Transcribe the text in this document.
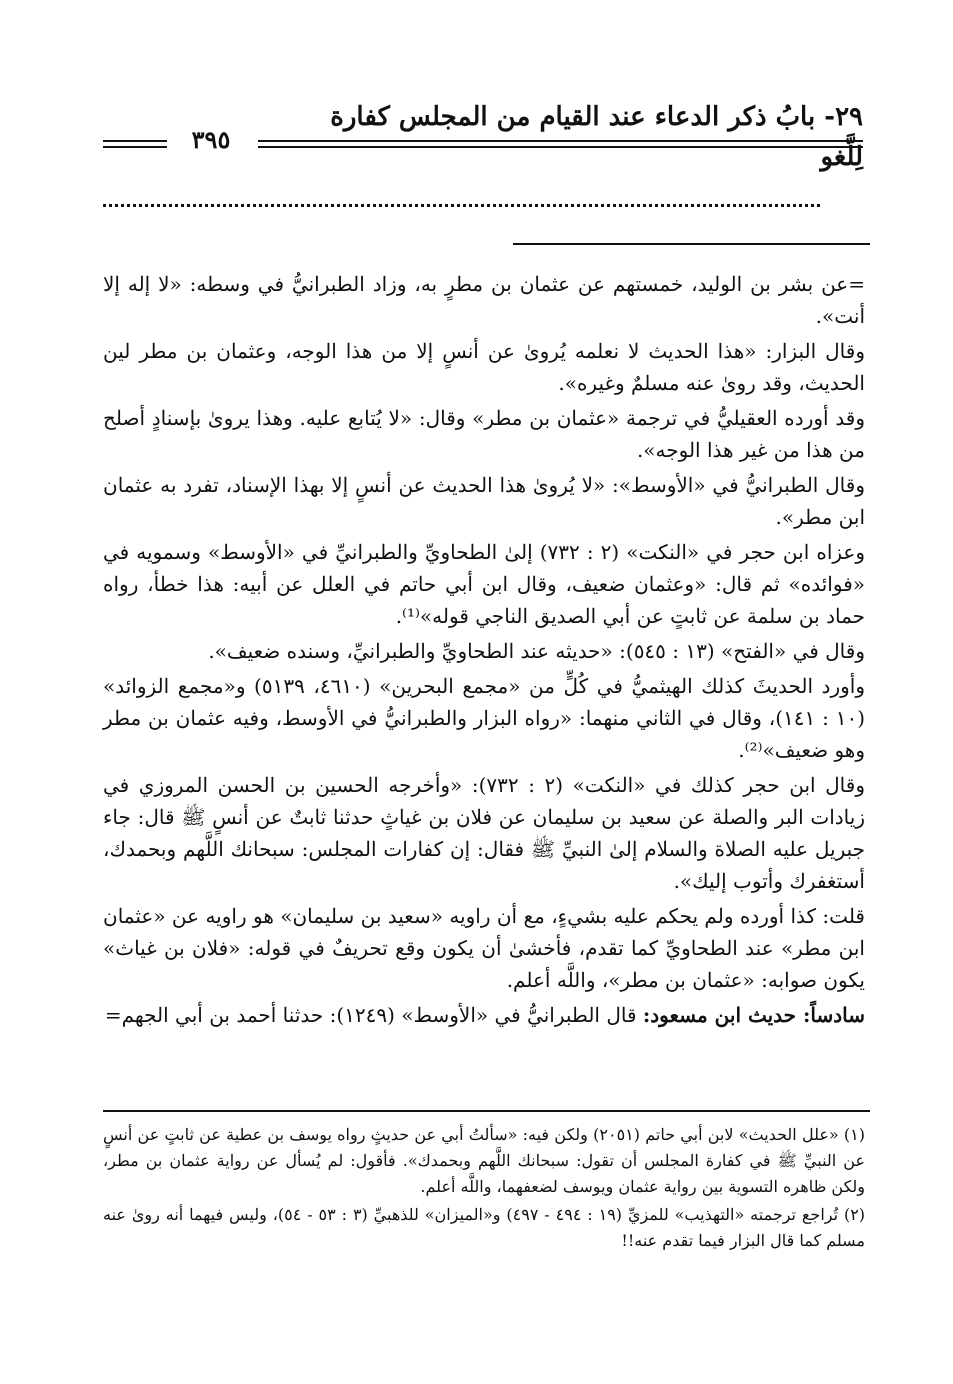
٢٩- بابُ ذكر الدعاء عند القيام من المجلس كفارة لِلَّغو
٣٩٥

=عن بشر بن الوليد، خمستهم عن عثمان بن مطرٍ به، وزاد الطبرانيُّ في وسطه: «لا إله إلا أنت».

وقال البزار: «هذا الحديث لا نعلمه يُروىٰ عن أنسٍ إلا من هذا الوجه، وعثمان بن مطر لين الحديث، وقد روىٰ عنه مسلمٌ وغيره».

وقد أورده العقيليُّ في ترجمة «عثمان بن مطر» وقال: «لا يُتابع عليه. وهذا يروىٰ بإسنادٍ أصلح من هذا من غير هذا الوجه».

وقال الطبرانيُّ في «الأوسط»: «لا يُروىٰ هذا الحديث عن أنسٍ إلا بهذا الإسناد، تفرد به عثمان ابن مطر».

وعزاه ابن حجر في «النكت» (٢ : ٧٣٢) إلىٰ الطحاويِّ والطبرانيِّ في «الأوسط» وسمويه في «فوائده» ثم قال: «وعثمان ضعيف، وقال ابن أبي حاتم في العلل عن أبيه: هذا خطأ، رواه حماد بن سلمة عن ثابتٍ عن أبي الصديق الناجي قوله»⁽¹⁾.

وقال في «الفتح» (١٣ : ٥٤٥): «حديثه عند الطحاويِّ والطبرانيِّ، وسنده ضعيف».

وأورد الحديثَ كذلك الهيثميُّ في كُلٍّ من «مجمع البحرين» (٤٦١٠، ٥١٣٩) و«مجمع الزوائد» (١٠ : ١٤١)، وقال في الثاني منهما: «رواه البزار والطبرانيُّ في الأوسط، وفيه عثمان بن مطر وهو ضعيف»⁽²⁾.

وقال ابن حجر كذلك في «النكت» (٢ : ٧٣٢): «وأخرجه الحسين بن الحسن المروزي في زيادات البر والصلة عن سعيد بن سليمان عن فلان بن غياثٍ حدثنا ثابتٌ عن أنسٍ ﷺ قال: جاء جبريل عليه الصلاة والسلام إلىٰ النبيِّ ﷺ فقال: إن كفارات المجلس: سبحانك اللَّهم وبحمدك، أستغفرك وأتوب إليك».

قلت: كذا أورده ولم يحكم عليه بشيءٍ، مع أن راويه «سعيد بن سليمان» هو راويه عن «عثمان ابن مطر» عند الطحاويِّ كما تقدم، فأخشىٰ أن يكون وقع تحريفٌ في قوله: «فلان بن غياث» يكون صوابه: «عثمان بن مطر»، واللَّه أعلم.

سادساً: حديث ابن مسعود: قال الطبرانيُّ في «الأوسط» (١٢٤٩): حدثنا أحمد بن أبي الجهم=

(١) «علل الحديث» لابن أبي حاتم (٢٠٥١) ولكن فيه: «سألتُ أبي عن حديثٍ رواه يوسف بن عطية عن ثابتٍ عن أنسٍ عن النبيِّ ﷺ في كفارة المجلس أن تقول: سبحانك اللَّهم وبحمدك». فأقول: لم يُسأل عن رواية عثمان بن مطر، ولكن ظاهره التسوية بين رواية عثمان ويوسف لضعفهما، واللَّه أعلم.

(٢) تُراجع ترجمته «التهذيب» للمزيِّ (١٩ : ٤٩٤ - ٤٩٧) و«الميزان» للذهبيِّ (٣ : ٥٣ - ٥٤)، وليس فيهما أنه روىٰ عنه مسلم كما قال البزار فيما تقدم عنه!!
